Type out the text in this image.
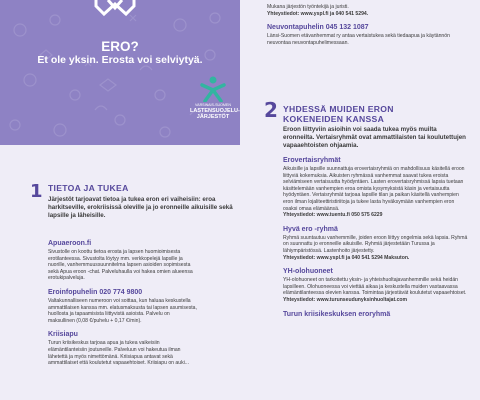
ERO?
Et ole yksin. Erosta voi selviytyä.
VARSINAIS-SUOMEN
LASTENSUOJELU-
JÄRJESTÖT
1 TIETOA JA TUKEA
Järjestöt tarjoavat tietoa ja tukea eron eri vaiheisiin: eroa harkitseville, erokriisissä oleville ja jo eronneille aikuisille sekä lapsille ja läheisille.
Apuaeroon.fi
Sivustolle on koottu tietoa erosta ja lapsen huomioimisesta erotilanteessa. Sivustolta löytyy mm. verkkopelejä lapsille ja nuorille, vanhemmuussuunnitelma lapsen asioiden sopimisesta sekä Apua eroon -chat. Palveluhaulla voi hakea omien alueensa erotukipalveluja.
Eroinfopuhelin 020 774 9800
Valtakunnalliseen numeroon voi soittaa, kun haluaa keskustella ammattilaisen kanssa mm. elatusmaksusta tai lapsen asumisesta, huollosta ja tapaamisista liittyvistä asioista. Palvelu on maksullinen (0,08 €/puhelu + 0,17 €/min).
Kriisiapu
Turun kriisikeskus tarjoaa apua ja tukea vaikeisiin elämäntilanteisiin joutuneille. Palveluun voi hakeutua ilman lähetettä ja myös nimettömänä. Kriisiapua antavat sekä ammattilaiset että koulutetut vapaaehtoiset. Kriisiapu on auki...
Mukana järjestön työntekijä ja juristi.
Yhteystiedot: www.yspl.fi ja 040 541 5294.
Neuvontapuhelin 045 132 1087
Länsi-Suomen etävanhemmat ry antaa vertaistukea sekä tiedaapua ja käytännön neuvontaa neuvontapuhelimessaan.
2 YHDESSÄ MUIDEN ERON
KOKENEIDEN KANSSA
Eroon liittyviin asioihin voi saada tukea myös muilta eronneilta. Vertaisryhmät ovat ammattilaisten tai koulutettujen vapaaehtoisten ohjaamia.
Erovertaisryhmät
Aikuisille ja lapsille suunnattuja erovertaisryhmiä on mahdollisuus käsitellä eroon liittyviä kokemuksia. Aikuisten ryhmässä vanhemmat saavat tukea eroista selviämiseen vertaisuutta hyödyntäen. Lasten erovertaisryhmissä lapsia tuetaan käsittelemään vanhempien eroa omista kysymyksistä käsin ja vertaisuutta hyödyntäen. Vertaisryhmät tarjoaa lapsille tilan ja paikan käsitellä vanhempien eron ilman lojaliteettiristiriitoja ja tukee lasta hyväksymään vanhempien eron osaksi omaa elämäänsä.
Yhteystiedot: www.tuentu.fi 050 575 6229
Hyvä ero -ryhmä
Ryhmä suuntautuu vanhemmille, joiden eroon liittyy ongelmia sekä lapsia. Ryhmä on suunnattu jo eronneille aikuisille. Ryhmiä järjestetään Turussa ja lähiympäristössä. Lastenhoito järjestetty.
Yhteystiedot: www.yspl.fi ja 040 541 5294 Maksuton.
YH-olohuoneet
YH-olohuoneet on tarkoitettu yksin- ja yhteishuoltajavanhemmille sekä heidän lapsilleen. Olohuoneessa voi viettää aikaa ja keskustella muiden vastaavassa elämäntilanteessa olevien kanssa. Toimintaa järjestävät koulutetut vapaaehtoiset.
Yhteystiedot: www.turunseudunyksinhuoltajat.com
Turun kriisikeskuksen eroryhmä
